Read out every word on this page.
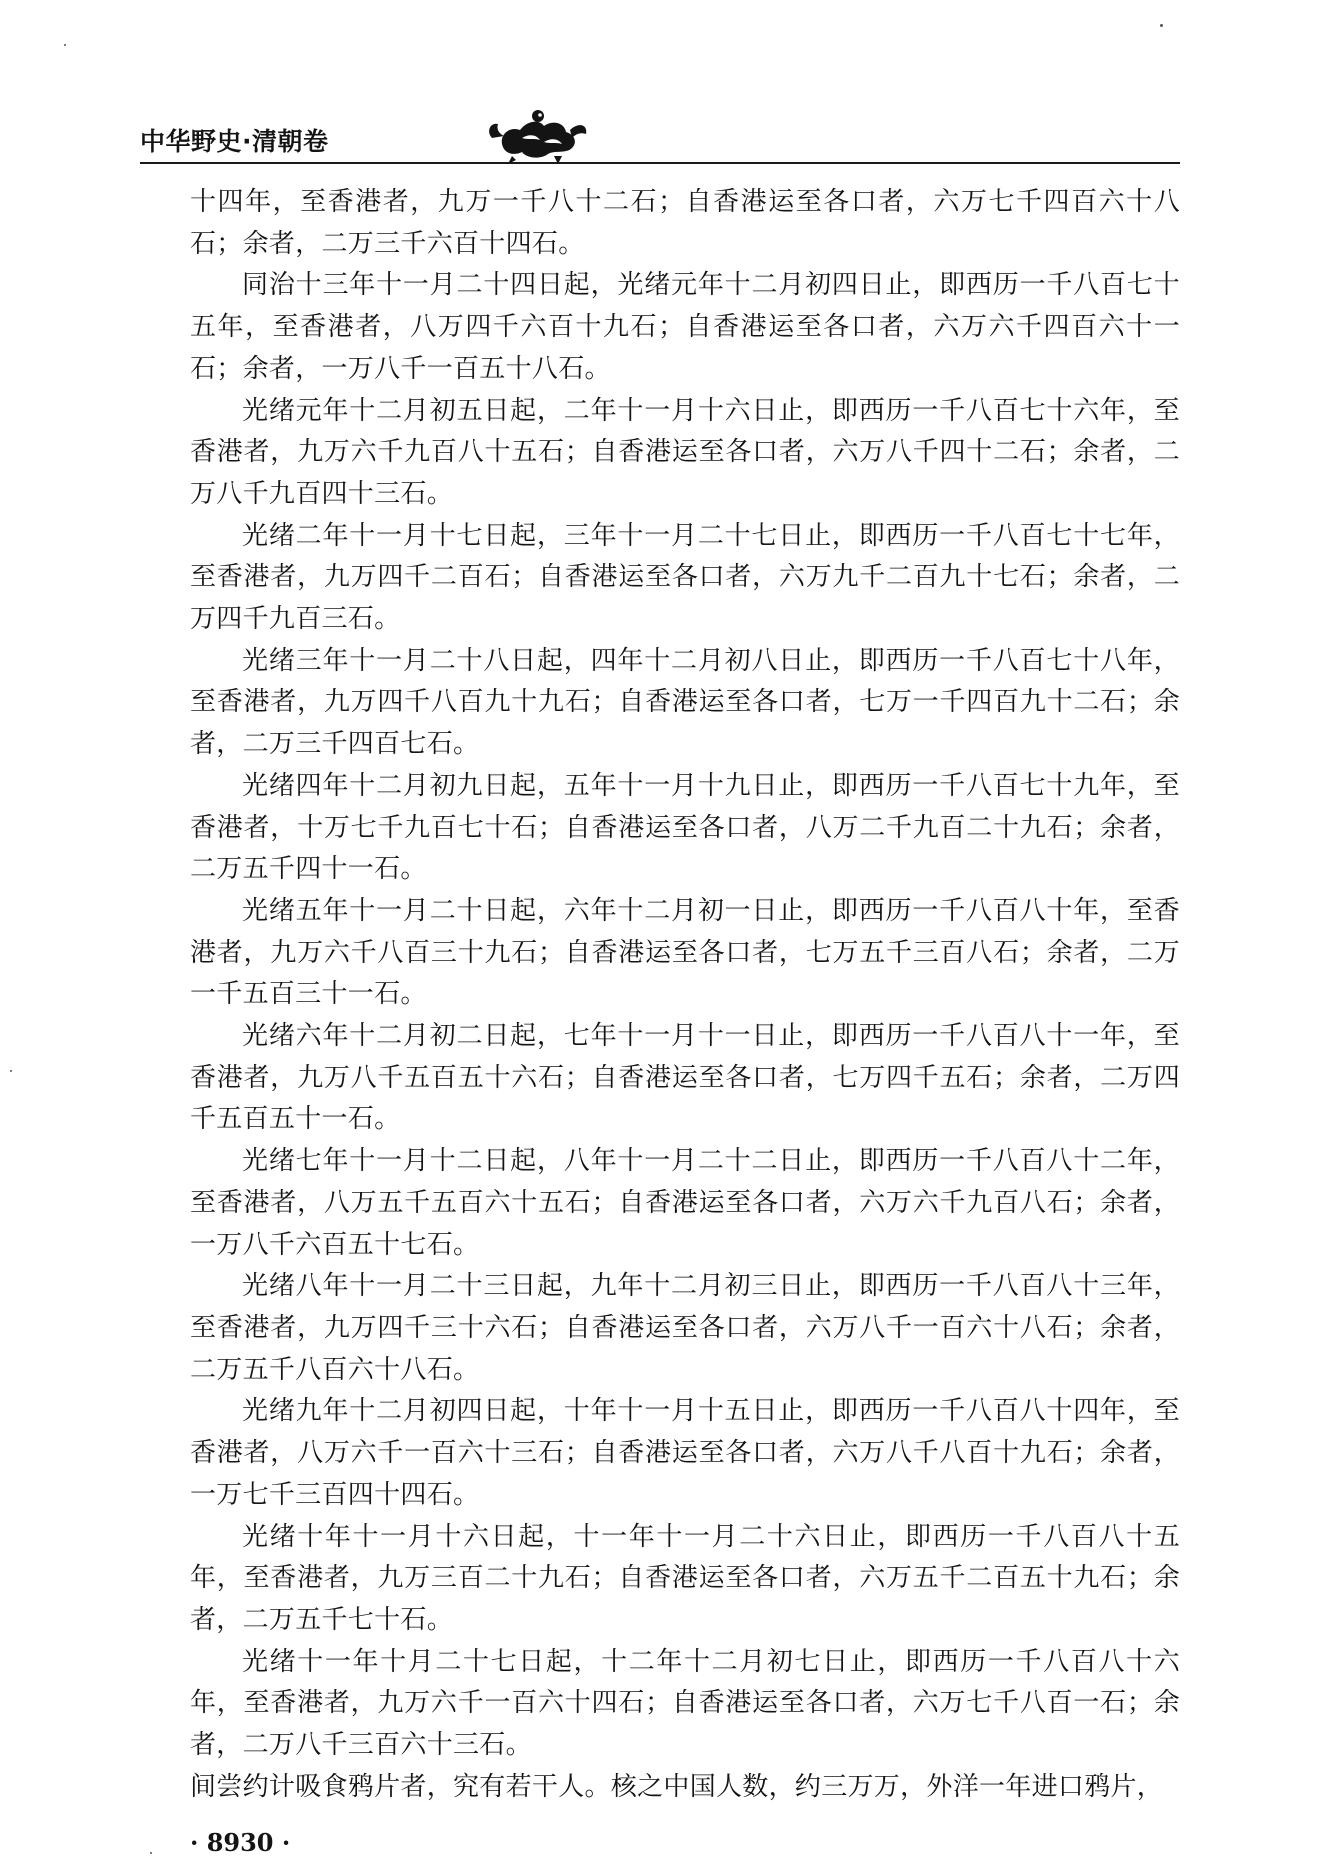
中华野史·清朝卷

十四年，至香港者，九万一千八十二石；自香港运至各口者，六万七千四百六十八石；余者，二万三千六百十四石。

同治十三年十一月二十四日起，光绪元年十二月初四日止，即西历一千八百七十五年，至香港者，八万四千六百十九石；自香港运至各口者，六万六千四百六十一石；余者，一万八千一百五十八石。

光绪元年十二月初五日起，二年十一月十六日止，即西历一千八百七十六年，至香港者，九万六千九百八十五石；自香港运至各口者，六万八千四十二石；余者，二万八千九百四十三石。

光绪二年十一月十七日起，三年十一月二十七日止，即西历一千八百七十七年，至香港者，九万四千二百石；自香港运至各口者，六万九千二百九十七石；余者，二万四千九百三石。

光绪三年十一月二十八日起，四年十二月初八日止，即西历一千八百七十八年，至香港者，九万四千八百九十九石；自香港运至各口者，七万一千四百九十二石；余者，二万三千四百七石。

光绪四年十二月初九日起，五年十一月十九日止，即西历一千八百七十九年，至香港者，十万七千九百七十石；自香港运至各口者，八万二千九百二十九石；余者，二万五千四十一石。

光绪五年十一月二十日起，六年十二月初一日止，即西历一千八百八十年，至香港者，九万六千八百三十九石；自香港运至各口者，七万五千三百八石；余者，二万一千五百三十一石。

光绪六年十二月初二日起，七年十一月十一日止，即西历一千八百八十一年，至香港者，九万八千五百五十六石；自香港运至各口者，七万四千五石；余者，二万四千五百五十一石。

光绪七年十一月十二日起，八年十一月二十二日止，即西历一千八百八十二年，至香港者，八万五千五百六十五石；自香港运至各口者，六万六千九百八石；余者，一万八千六百五十七石。

光绪八年十一月二十三日起，九年十二月初三日止，即西历一千八百八十三年，至香港者，九万四千三十六石；自香港运至各口者，六万八千一百六十八石；余者，二万五千八百六十八石。

光绪九年十二月初四日起，十年十一月十五日止，即西历一千八百八十四年，至香港者，八万六千一百六十三石；自香港运至各口者，六万八千八百十九石；余者，一万七千三百四十四石。

光绪十年十一月十六日起，十一年十一月二十六日止，即西历一千八百八十五年，至香港者，九万三百二十九石；自香港运至各口者，六万五千二百五十九石；余者，二万五千七十石。

光绪十一年十月二十七日起，十二年十二月初七日止，即西历一千八百八十六年，至香港者，九万六千一百六十四石；自香港运至各口者，六万七千八百一石；余者，二万八千三百六十三石。

间尝约计吸食鸦片者，究有若干人。核之中国人数，约三万万，外洋一年进口鸦片，

· 8930 ·
